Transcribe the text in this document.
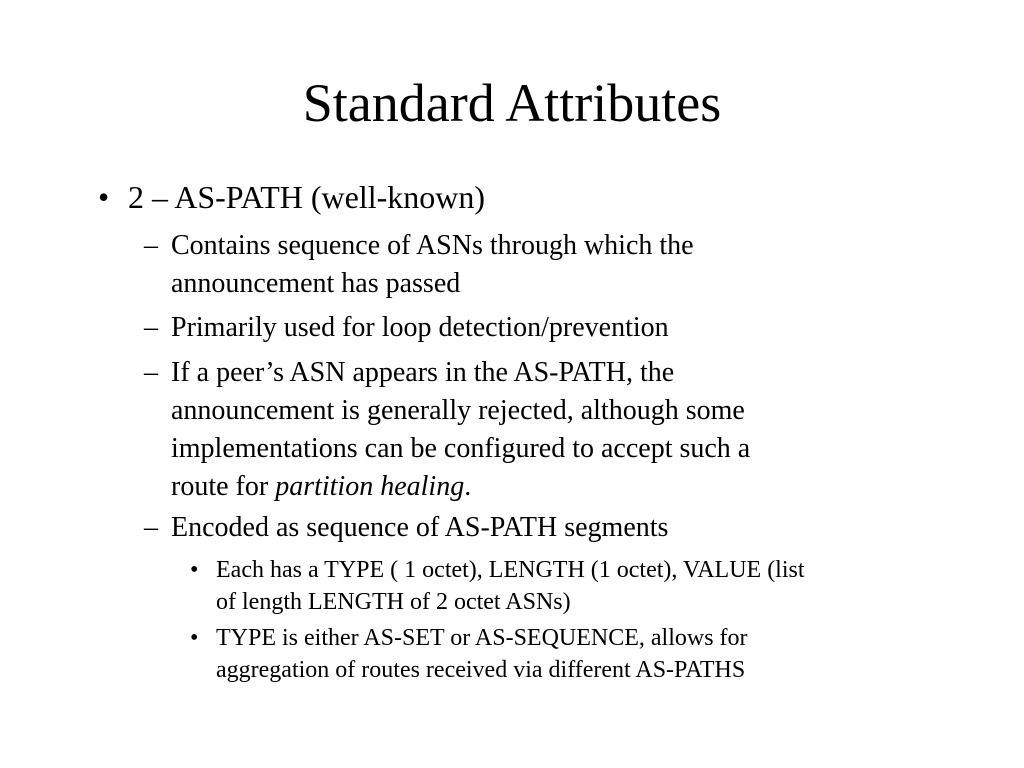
Standard Attributes
• 2 – AS-PATH (well-known)
– Contains sequence of ASNs through which the
announcement has passed
– Primarily used for loop detection/prevention
– If a peer’s ASN appears in the AS-PATH, the
announcement is generally rejected, although some
implementations can be configured to accept such a
route for partition healing.
– Encoded as sequence of AS-PATH segments
• Each has a TYPE ( 1 octet), LENGTH (1 octet), VALUE (list
of length LENGTH of 2 octet ASNs)
• TYPE is either AS-SET or AS-SEQUENCE, allows for
aggregation of routes received via different AS-PATHS
